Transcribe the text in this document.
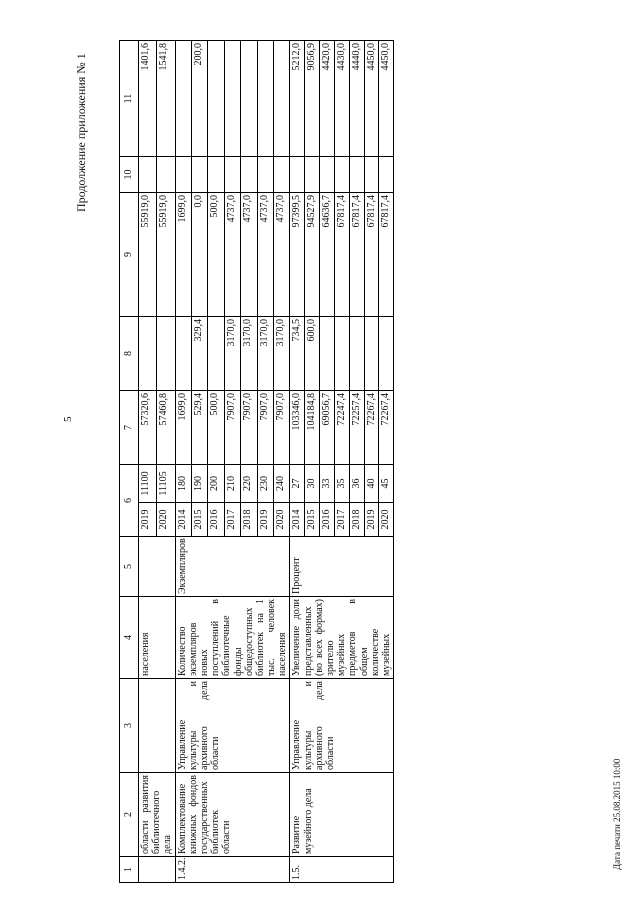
5
Продолжение приложения № 1
Дата печати 25.08.2015 10:00
1	2	3	4	5	6		7	8	9	10	11
	области развития библиотечного дела		населения		2019	11100	57320,6		55919,0		1401,6
					2020	11105	57460,8		55919,0		1541,8
1.4.2.	Комплектование книжных фондов государственных библиотек области	Управление культуры и архивного дела области	Количество экземпляров новых поступлений в библиотечные фонды общедоступных библиотек на 1 тыс. человек населения	Экземпляров	2014	180	1699,0		1699,0		
					2015	190	529,4	329,4	0,0		200,0
					2016	200	500,0		500,0		
					2017	210	7907,0	3170,0	4737,0		
					2018	220	7907,0	3170,0	4737,0		
					2019	230	7907,0	3170,0	4737,0		
					2020	240	7907,0	3170,0	4737,0		
1.5.	Развитие музейного дела	Управление культуры и архивного дела области	Увеличение доли представленных (во всех формах) зрителю музейных предметов в общем количестве музейных	Процент	2014	27	103346,0	734,5	97399,5		5212,0
					2015	30	104184,8	600,0	94527,9		9056,9
					2016	33	69056,7		64636,7		4420,0
					2017	35	72247,4		67817,4		4430,0
					2018	36	72257,4		67817,4		4440,0
					2019	40	72267,4		67817,4		4450,0
					2020	45	72267,4		67817,4		4450,0
